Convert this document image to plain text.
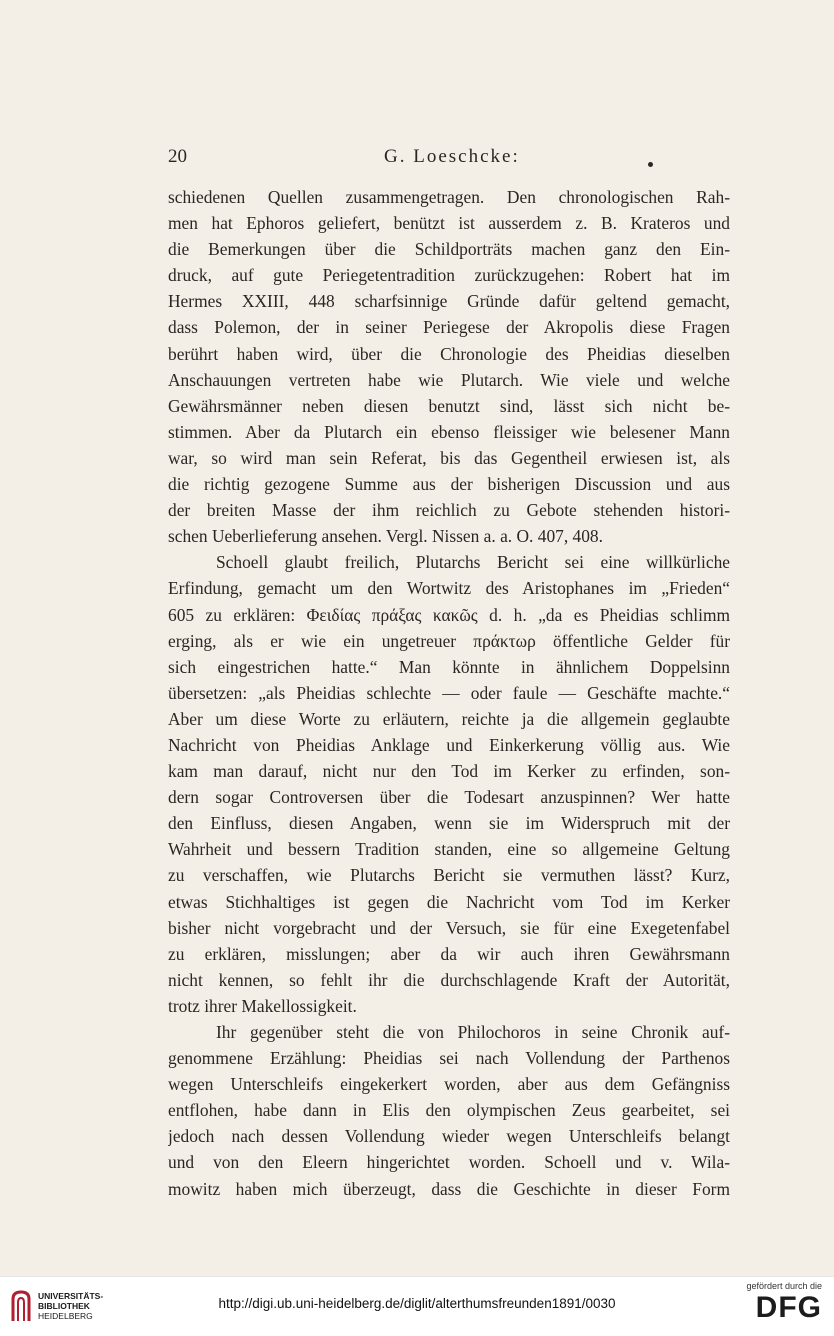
20	G. Loeschcke:
schiedenen Quellen zusammengetragen. Den chronologischen Rah-
men hat Ephoros geliefert, benützt ist ausserdem z. B. Krateros und
die Bemerkungen über die Schildporträts machen ganz den Ein-
druck, auf gute Periegetentradition zurückzugehen: Robert hat im
Hermes XXIII, 448 scharfsinnige Gründe dafür geltend gemacht,
dass Polemon, der in seiner Periegese der Akropolis diese Fragen
berührt haben wird, über die Chronologie des Pheidias dieselben
Anschauungen vertreten habe wie Plutarch. Wie viele und welche
Gewährsmänner neben diesen benutzt sind, lässt sich nicht be-
stimmen. Aber da Plutarch ein ebenso fleissiger wie belesener Mann
war, so wird man sein Referat, bis das Gegentheil erwiesen ist, als
die richtig gezogene Summe aus der bisherigen Discussion und aus
der breiten Masse der ihm reichlich zu Gebote stehenden histori-
schen Ueberlieferung ansehen. Vergl. Nissen a. a. O. 407, 408.
Schoell glaubt freilich, Plutarchs Bericht sei eine willkürliche
Erfindung, gemacht um den Wortwitz des Aristophanes im „Frieden“
605 zu erklären: Φειδίας πράξας κακῶς d. h. „da es Pheidias schlimm
erging, als er wie ein ungetreuer πράκτωρ öffentliche Gelder für
sich eingestrichen hatte.“ Man könnte in ähnlichem Doppelsinn
übersetzen: „als Pheidias schlechte — oder faule — Geschäfte machte.“
Aber um diese Worte zu erläutern, reichte ja die allgemein geglaubte
Nachricht von Pheidias Anklage und Einkerkerung völlig aus. Wie
kam man darauf, nicht nur den Tod im Kerker zu erfinden, son-
dern sogar Controversen über die Todesart anzuspinnen? Wer hatte
den Einfluss, diesen Angaben, wenn sie im Widerspruch mit der
Wahrheit und bessern Tradition standen, eine so allgemeine Geltung
zu verschaffen, wie Plutarchs Bericht sie vermuthen lässt? Kurz,
etwas Stichhaltiges ist gegen die Nachricht vom Tod im Kerker
bisher nicht vorgebracht und der Versuch, sie für eine Exegetenfabel
zu erklären, misslungen; aber da wir auch ihren Gewährsmann
nicht kennen, so fehlt ihr die durchschlagende Kraft der Autorität,
trotz ihrer Makellossigkeit.
Ihr gegenüber steht die von Philochoros in seine Chronik auf-
genommene Erzählung: Pheidias sei nach Vollendung der Parthenos
wegen Unterschleifs eingekerkert worden, aber aus dem Gefängniss
entflohen, habe dann in Elis den olympischen Zeus gearbeitet, sei
jedoch nach dessen Vollendung wieder wegen Unterschleifs belangt
und von den Eleern hingerichtet worden. Schoell und v. Wila-
mowitz haben mich überzeugt, dass die Geschichte in dieser Form
UNIVERSITÄTS-
BIBLIOTHEK
HEIDELBERG
http://digi.ub.uni-heidelberg.de/diglit/alterthumsfreunden1891/0030
gefördert durch die
DFG
